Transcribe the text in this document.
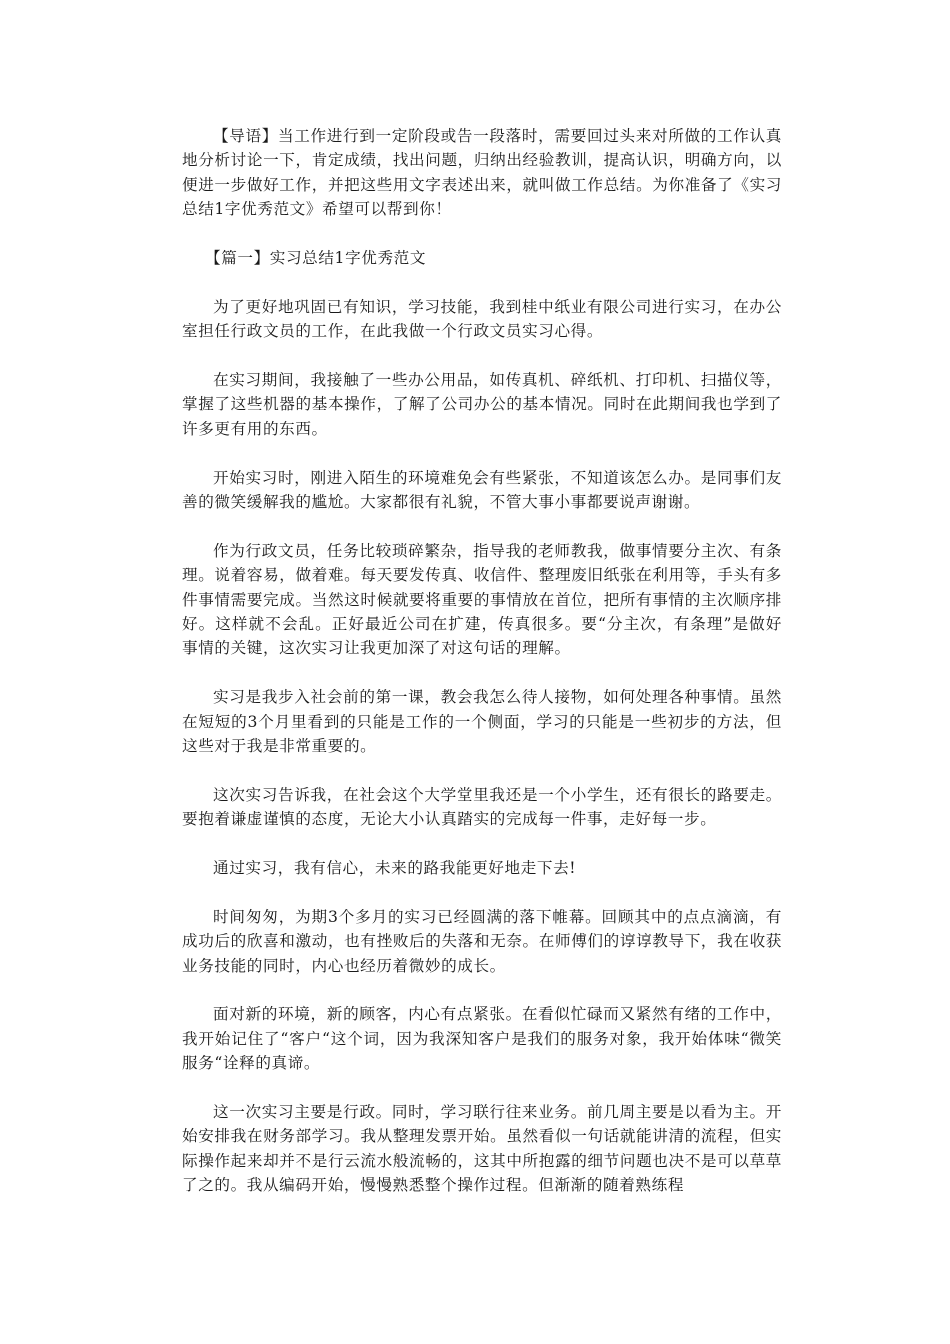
【导语】当工作进行到一定阶段或告一段落时，需要回过头来对所做的工作认真地分析讨论一下，肯定成绩，找出问题，归纳出经验教训，提高认识，明确方向，以便进一步做好工作，并把这些用文字表述出来，就叫做工作总结。为你准备了《实习总结1字优秀范文》希望可以帮到你！

【篇一】实习总结1字优秀范文

为了更好地巩固已有知识，学习技能，我到桂中纸业有限公司进行实习，在办公室担任行政文员的工作，在此我做一个行政文员实习心得。

在实习期间，我接触了一些办公用品，如传真机、碎纸机、打印机、扫描仪等，掌握了这些机器的基本操作，了解了公司办公的基本情况。同时在此期间我也学到了许多更有用的东西。

开始实习时，刚进入陌生的环境难免会有些紧张，不知道该怎么办。是同事们友善的微笑缓解我的尴尬。大家都很有礼貌，不管大事小事都要说声谢谢。

作为行政文员，任务比较琐碎繁杂，指导我的老师教我，做事情要分主次、有条理。说着容易，做着难。每天要发传真、收信件、整理废旧纸张在利用等，手头有多件事情需要完成。当然这时候就要将重要的事情放在首位，把所有事情的主次顺序排好。这样就不会乱。正好最近公司在扩建，传真很多。要“分主次，有条理”是做好事情的关键，这次实习让我更加深了对这句话的理解。

实习是我步入社会前的第一课，教会我怎么待人接物，如何处理各种事情。虽然在短短的3个月里看到的只能是工作的一个侧面，学习的只能是一些初步的方法，但这些对于我是非常重要的。

这次实习告诉我，在社会这个大学堂里我还是一个小学生，还有很长的路要走。要抱着谦虚谨慎的态度，无论大小认真踏实的完成每一件事，走好每一步。

通过实习，我有信心，未来的路我能更好地走下去!

时间匆匆，为期3个多月的实习已经圆满的落下帷幕。回顾其中的点点滴滴，有成功后的欣喜和激动，也有挫败后的失落和无奈。在师傅们的谆谆教导下，我在收获业务技能的同时，内心也经历着微妙的成长。

面对新的环境，新的顾客，内心有点紧张。在看似忙碌而又紧然有绪的工作中，我开始记住了“客户“这个词，因为我深知客户是我们的服务对象，我开始体味“微笑服务“诠释的真谛。

这一次实习主要是行政。同时，学习联行往来业务。前几周主要是以看为主。开始安排我在财务部学习。我从整理发票开始。虽然看似一句话就能讲清的流程，但实际操作起来却并不是行云流水般流畅的，这其中所抱露的细节问题也决不是可以草草了之的。我从编码开始，慢慢熟悉整个操作过程。但渐渐的随着熟练程
